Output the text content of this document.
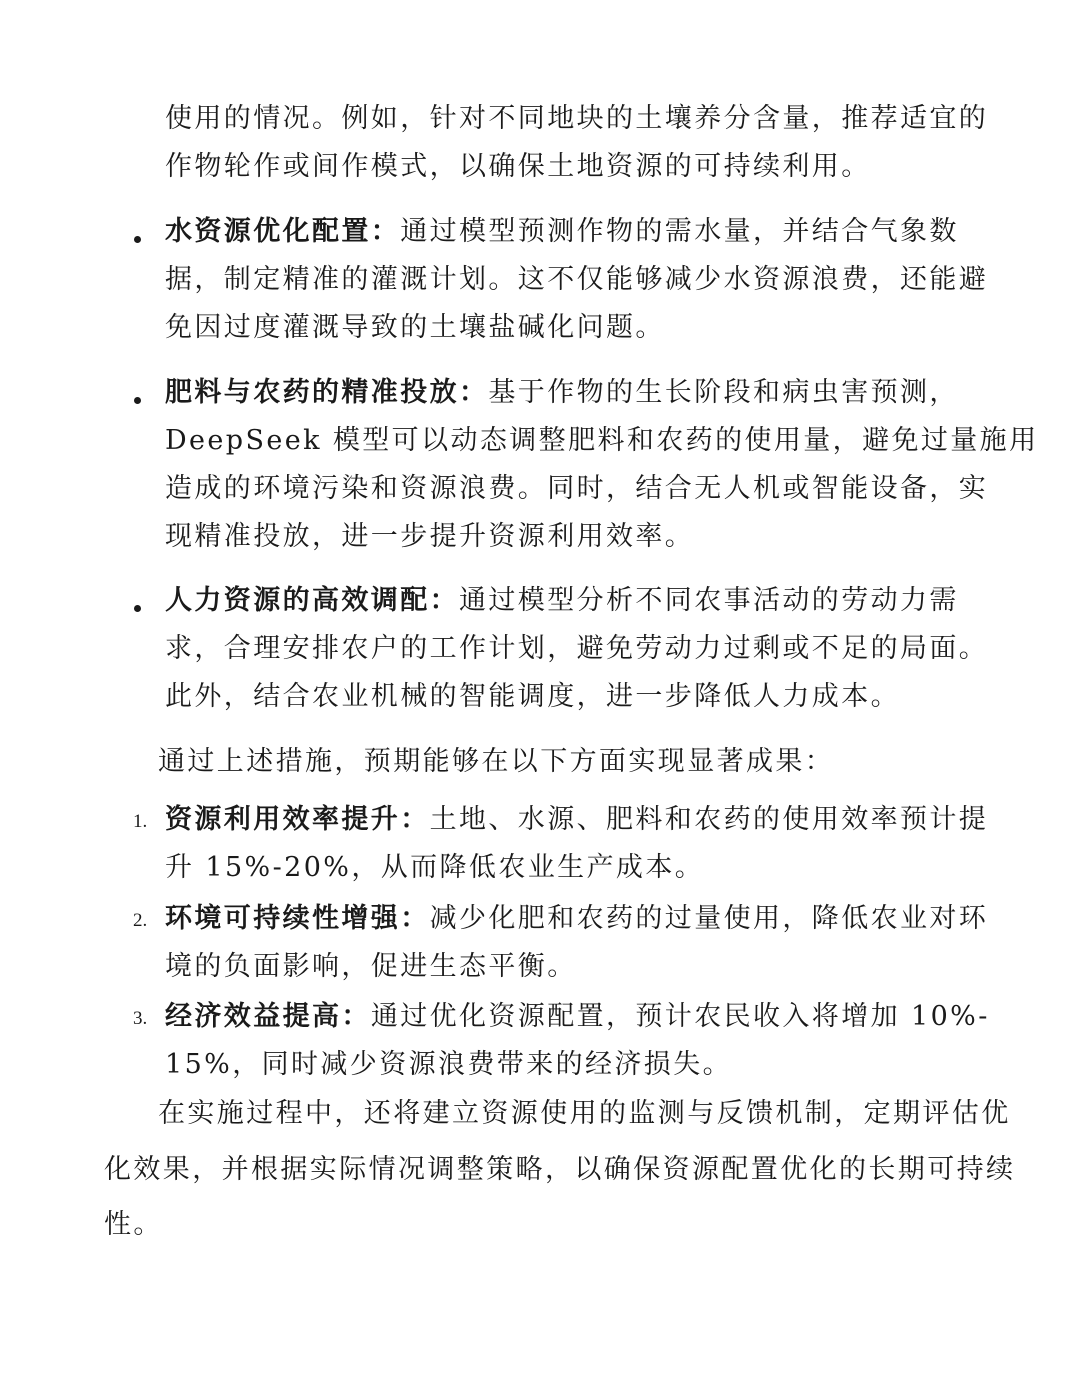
使用的情况。例如，针对不同地块的土壤养分含量，推荐适宜的
作物轮作或间作模式，以确保土地资源的可持续利用。
水资源优化配置：通过模型预测作物的需水量，并结合气象数
据，制定精准的灌溉计划。这不仅能够减少水资源浪费，还能避
免因过度灌溉导致的土壤盐碱化问题。
肥料与农药的精准投放：基于作物的生长阶段和病虫害预测，
DeepSeek 模型可以动态调整肥料和农药的使用量，避免过量施用
造成的环境污染和资源浪费。同时，结合无人机或智能设备，实
现精准投放，进一步提升资源利用效率。
人力资源的高效调配：通过模型分析不同农事活动的劳动力需
求，合理安排农户的工作计划，避免劳动力过剩或不足的局面。
此外，结合农业机械的智能调度，进一步降低人力成本。
通过上述措施，预期能够在以下方面实现显著成果：
1. 资源利用效率提升：土地、水源、肥料和农药的使用效率预计提
升 15%-20%，从而降低农业生产成本。
2. 环境可持续性增强：减少化肥和农药的过量使用，降低农业对环
境的负面影响，促进生态平衡。
3. 经济效益提高：通过优化资源配置，预计农民收入将增加 10%-
15%，同时减少资源浪费带来的经济损失。
在实施过程中，还将建立资源使用的监测与反馈机制，定期评估优
化效果，并根据实际情况调整策略，以确保资源配置优化的长期可持续
性。
